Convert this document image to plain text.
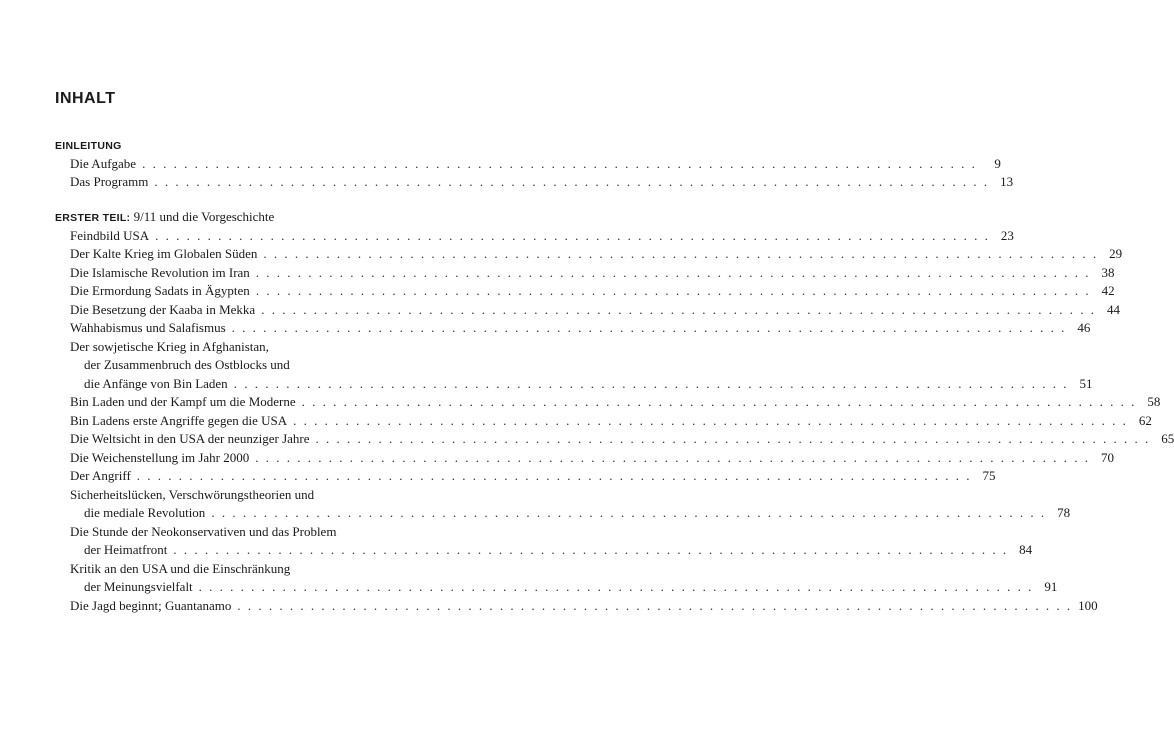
INHALT
EINLEITUNG
Die Aufgabe . . . . . . . . . . . . . . . . . . . . . . . . . . . . . . . . . . . . . . . . . . . . . . . . . . . . . . . . . . . . . . . . . . . . . . . . . . . . . . . .	9
Das Programm . . . . . . . . . . . . . . . . . . . . . . . . . . . . . . . . . . . . . . . . . . . . . . . . . . . . . . . . . . . . . . . . . . . . . . . . . . . . . . . . 13
ERSTER TEIL: 9/11 und die Vorgeschichte
Feindbild USA . . . . . . . . . . . . . . . . . . . . . . . . . . . . . . . . . . . . . . . . . . . . . . . . . . . . . . . . . . . . . . . . . . . . . . . . . . . . . . . . 23
Der Kalte Krieg im Globalen Süden . . . . . . . . . . . . . . . . . . . . . . . . . . . . . . . . . . . . . . . . . . . . . . . . . . . . . . . . . . . . . . . . . . . . . . . . . . . . . . . . 29
Die Islamische Revolution im Iran . . . . . . . . . . . . . . . . . . . . . . . . . . . . . . . . . . . . . . . . . . . . . . . . . . . . . . . . . . . . . . . . . . . . . . . . . . . . . . . . 38
Die Ermordung Sadats in Ägypten . . . . . . . . . . . . . . . . . . . . . . . . . . . . . . . . . . . . . . . . . . . . . . . . . . . . . . . . . . . . . . . . . . . . . . . . . . . . . . . . 42
Die Besetzung der Kaaba in Mekka . . . . . . . . . . . . . . . . . . . . . . . . . . . . . . . . . . . . . . . . . . . . . . . . . . . . . . . . . . . . . . . . . . . . . . . . . . . . . . . . 44
Wahhabismus und Salafismus . . . . . . . . . . . . . . . . . . . . . . . . . . . . . . . . . . . . . . . . . . . . . . . . . . . . . . . . . . . . . . . . . . . . . . . . . . . . . . . . 46
Der sowjetische Krieg in Afghanistan,
der Zusammenbruch des Ostblocks und
die Anfänge von Bin Laden . . . . . . . . . . . . . . . . . . . . . . . . . . . . . . . . . . . . . . . . . . . . . . . . . . . . . . . . . . . . . . . . . . . . . . . . . . . . . . . . 51
Bin Laden und der Kampf um die Moderne . . . . . . . . . . . . . . . . . . . . . . . . . . . . . . . . . . . . . . . . . . . . . . . . . . . . . . . . . . . . . . . . . . . . . . . . . . . . . . . . 58
Bin Ladens erste Angriffe gegen die USA . . . . . . . . . . . . . . . . . . . . . . . . . . . . . . . . . . . . . . . . . . . . . . . . . . . . . . . . . . . . . . . . . . . . . . . . . . . . . . . . 62
Die Weltsicht in den USA der neunziger Jahre . . . . . . . . . . . . . . . . . . . . . . . . . . . . . . . . . . . . . . . . . . . . . . . . . . . . . . . . . . . . . . . . . . . . . . . . . . . . . . . . 65
Die Weichenstellung im Jahr 2000 . . . . . . . . . . . . . . . . . . . . . . . . . . . . . . . . . . . . . . . . . . . . . . . . . . . . . . . . . . . . . . . . . . . . . . . . . . . . . . . . 70
Der Angriff . . . . . . . . . . . . . . . . . . . . . . . . . . . . . . . . . . . . . . . . . . . . . . . . . . . . . . . . . . . . . . . . . . . . . . . . . . . . . . . . 75
Sicherheitslücken, Verschwörungstheorien und
die mediale Revolution . . . . . . . . . . . . . . . . . . . . . . . . . . . . . . . . . . . . . . . . . . . . . . . . . . . . . . . . . . . . . . . . . . . . . . . . . . . . . . . . 78
Die Stunde der Neokonservativen und das Problem
der Heimatfront . . . . . . . . . . . . . . . . . . . . . . . . . . . . . . . . . . . . . . . . . . . . . . . . . . . . . . . . . . . . . . . . . . . . . . . . . . . . . . . . 84
Kritik an den USA und die Einschränkung
der Meinungsvielfalt . . . . . . . . . . . . . . . . . . . . . . . . . . . . . . . . . . . . . . . . . . . . . . . . . . . . . . . . . . . . . . . . . . . . . . . . . . . . . . . . 91
Die Jagd beginnt; Guantanamo . . . . . . . . . . . . . . . . . . . . . . . . . . . . . . . . . . . . . . . . . . . . . . . . . . . . . . . . . . . . . . . . . . . . . . . . . . . . . . . . 100
